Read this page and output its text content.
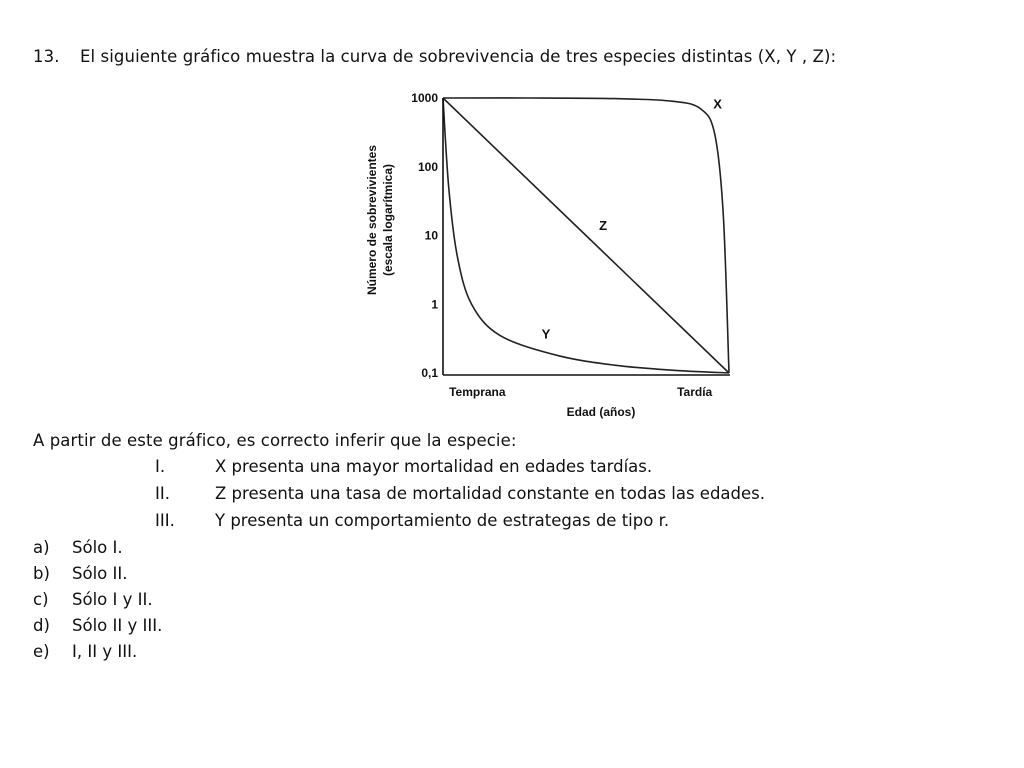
13. El siguiente gráfico muestra la curva de sobrevivencia de tres especies distintas (X, Y , Z):
Número de sobrevivientes (escala logarítmica)
1000
100
10
1
0,1
Temprana	Tardía
Edad (años)
X
Z
Y
A partir de este gráfico, es correcto inferir que la especie:
I.	X presenta una mayor mortalidad en edades tardías.
II.	Z presenta una tasa de mortalidad constante en todas las edades.
III. Y presenta un comportamiento de estrategas de tipo r.
a) Sólo I.
b) Sólo II.
c) Sólo I y II.
d) Sólo II y III.
e) I, II y III.
